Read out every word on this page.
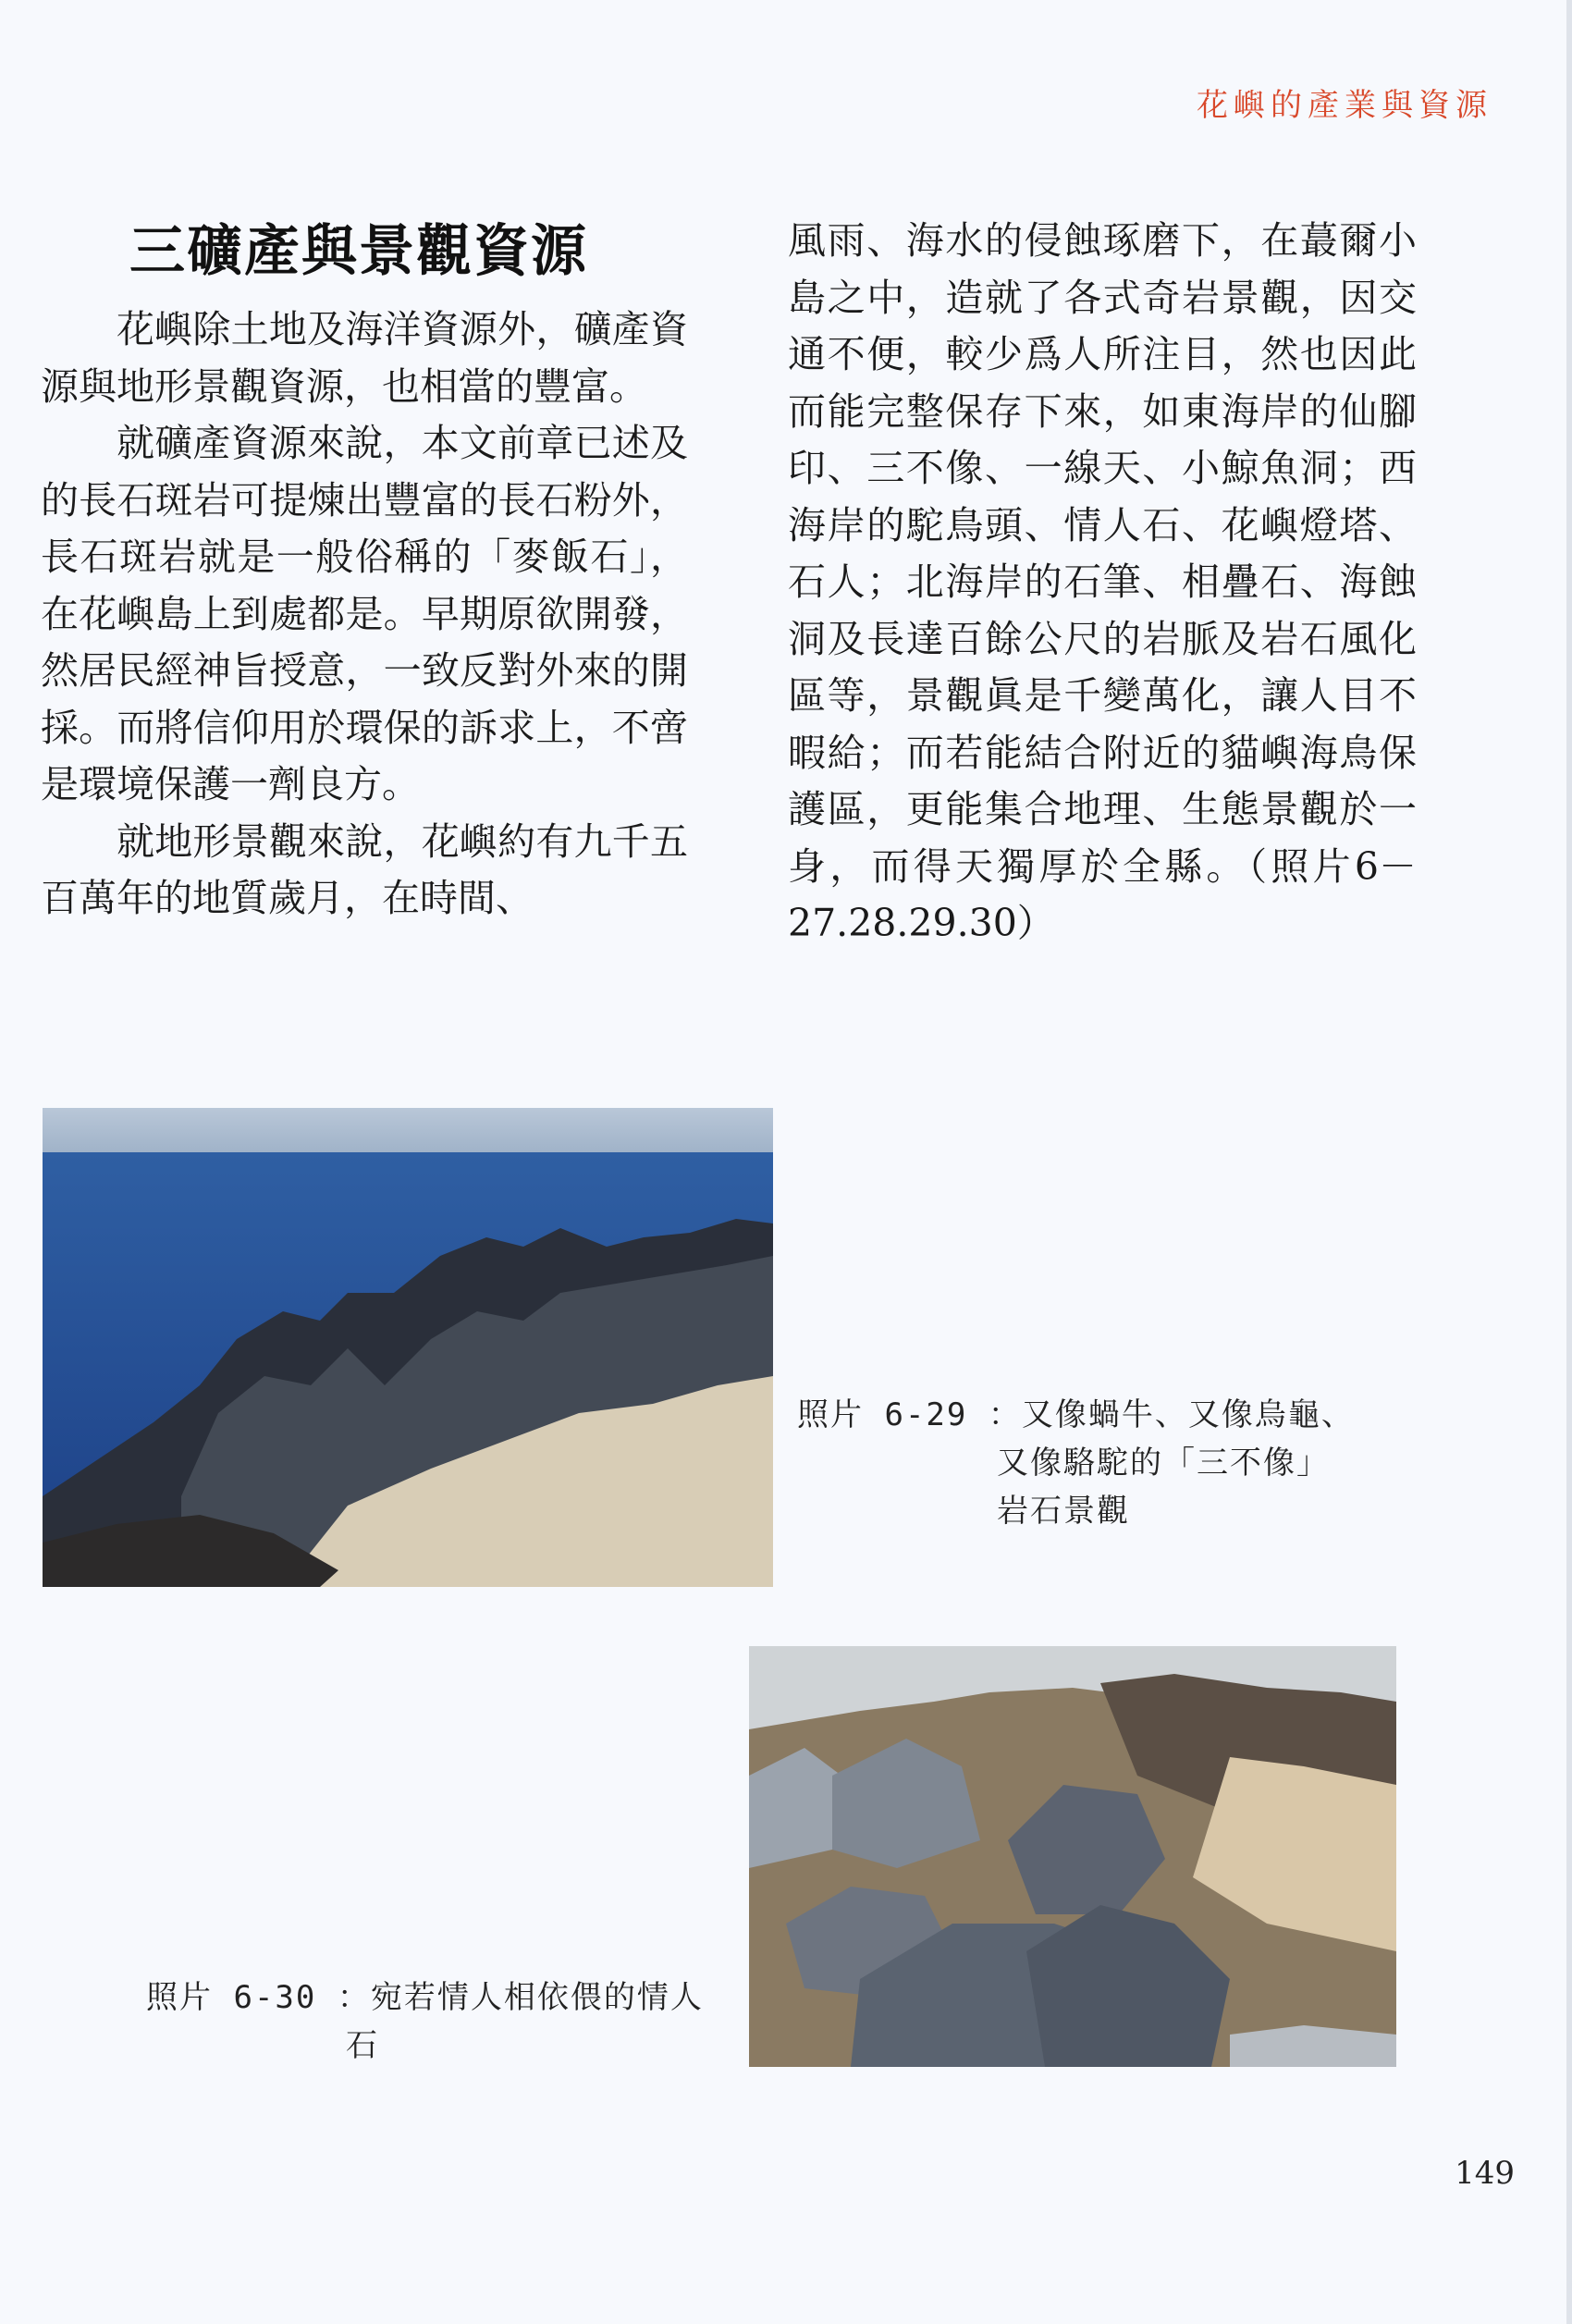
花嶼的產業與資源
三礦產與景觀資源

花嶼除土地及海洋資源外，礦產資源與地形景觀資源，也相當的豐富。

就礦產資源來說，本文前章已述及的長石斑岩可提煉出豐富的長石粉外，長石斑岩就是一般俗稱的「麥飯石」，在花嶼島上到處都是。早期原欲開發，然居民經神旨授意，一致反對外來的開採。而將信仰用於環保的訴求上，不啻是環境保護一劑良方。

就地形景觀來說，花嶼約有九千五百萬年的地質歲月，在時間、

風雨、海水的侵蝕琢磨下，在蕞爾小島之中，造就了各式奇岩景觀，因交通不便，較少爲人所注目，然也因此而能完整保存下來，如東海岸的仙腳印、三不像、一線天、小鯨魚洞；西海岸的駝鳥頭、情人石、花嶼燈塔、石人；北海岸的石筆、相疊石、海蝕洞及長達百餘公尺的岩脈及岩石風化區等，景觀眞是千變萬化，讓人目不暇給；而若能結合附近的貓嶼海鳥保護區，更能集合地理、生態景觀於一身，而得天獨厚於全縣。（照片6－27.28.29.30）

照片 6-29 ：又像蝸牛、又像烏龜、
又像駱駝的「三不像」
岩石景觀
照片 6-30 ：宛若情人相依偎的情人
石
149
